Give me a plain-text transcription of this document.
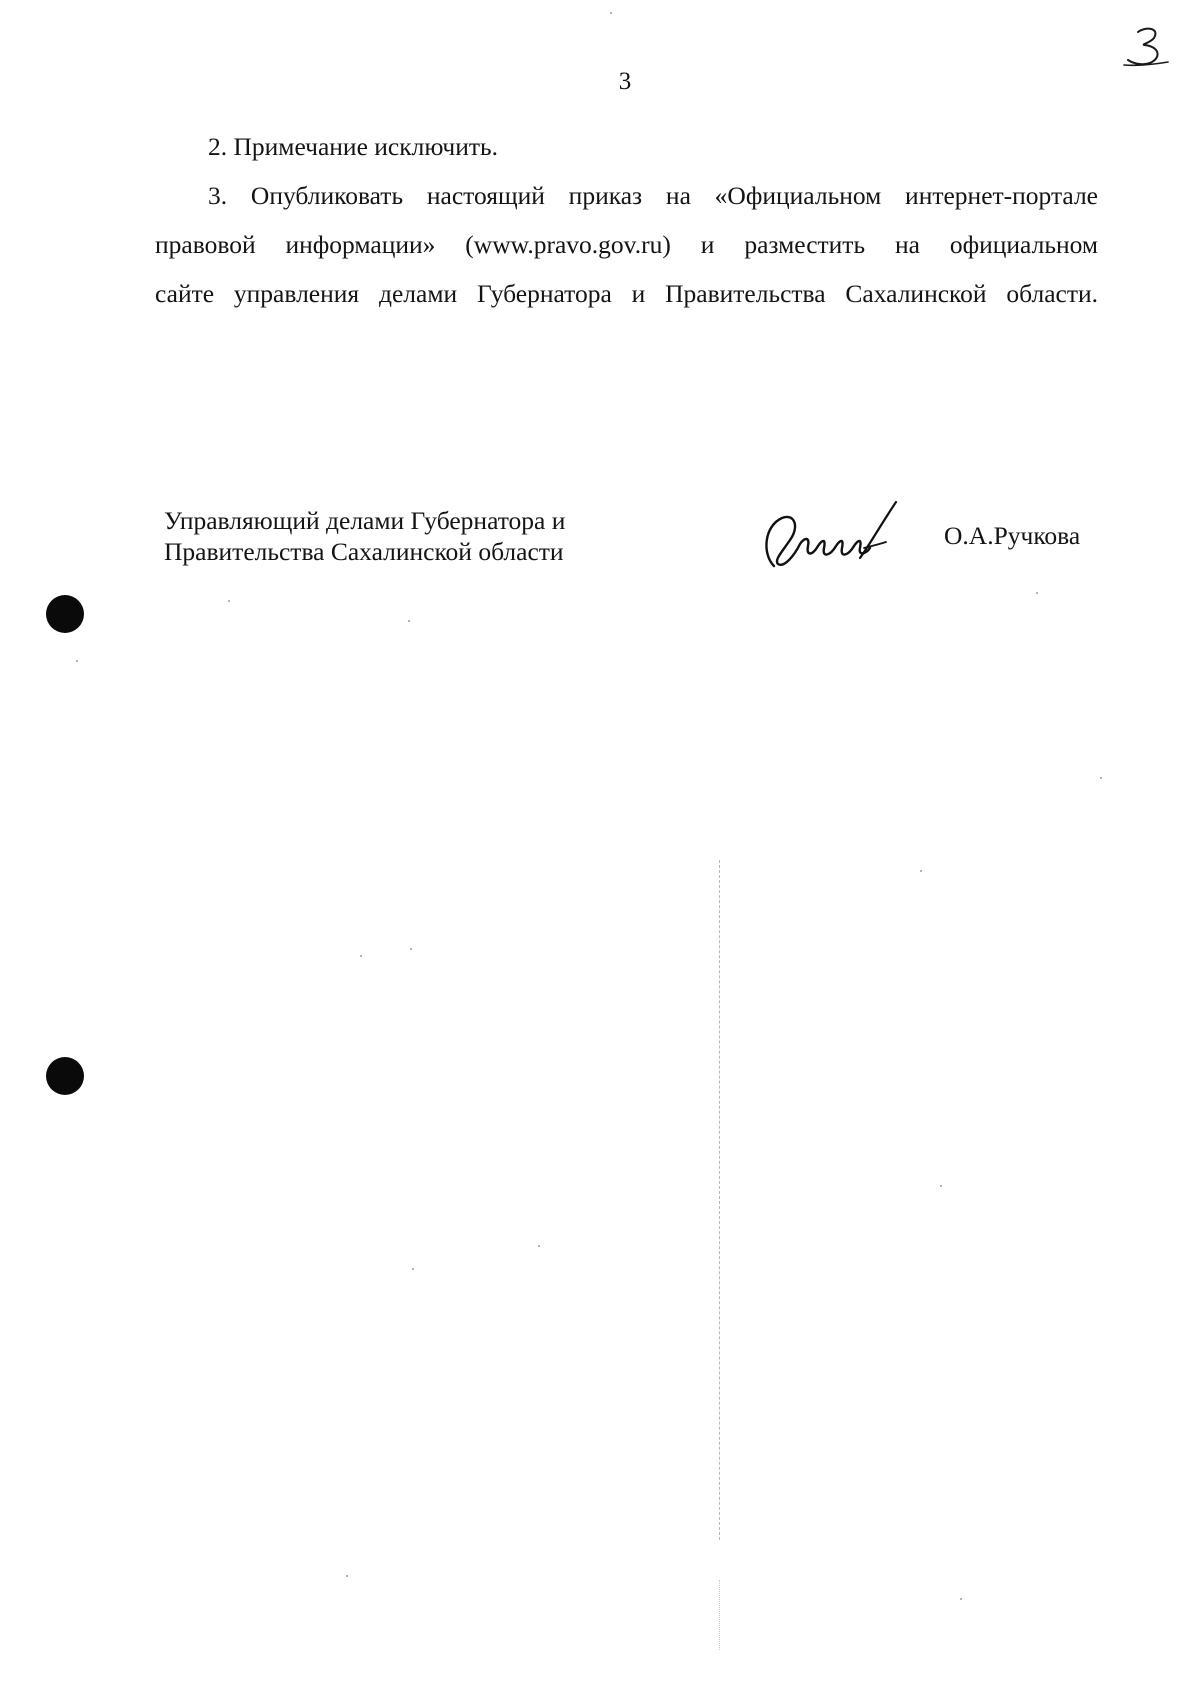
3
2. Примечание исключить.
3. Опубликовать настоящий приказ на «Официальном интернет-портале
правовой информации» (www.pravo.gov.ru) и разместить на официальном
сайте управления делами Губернатора и Правительства Сахалинской области.
Управляющий делами Губернатора и
Правительства Сахалинской области
О.А.Ручкова
